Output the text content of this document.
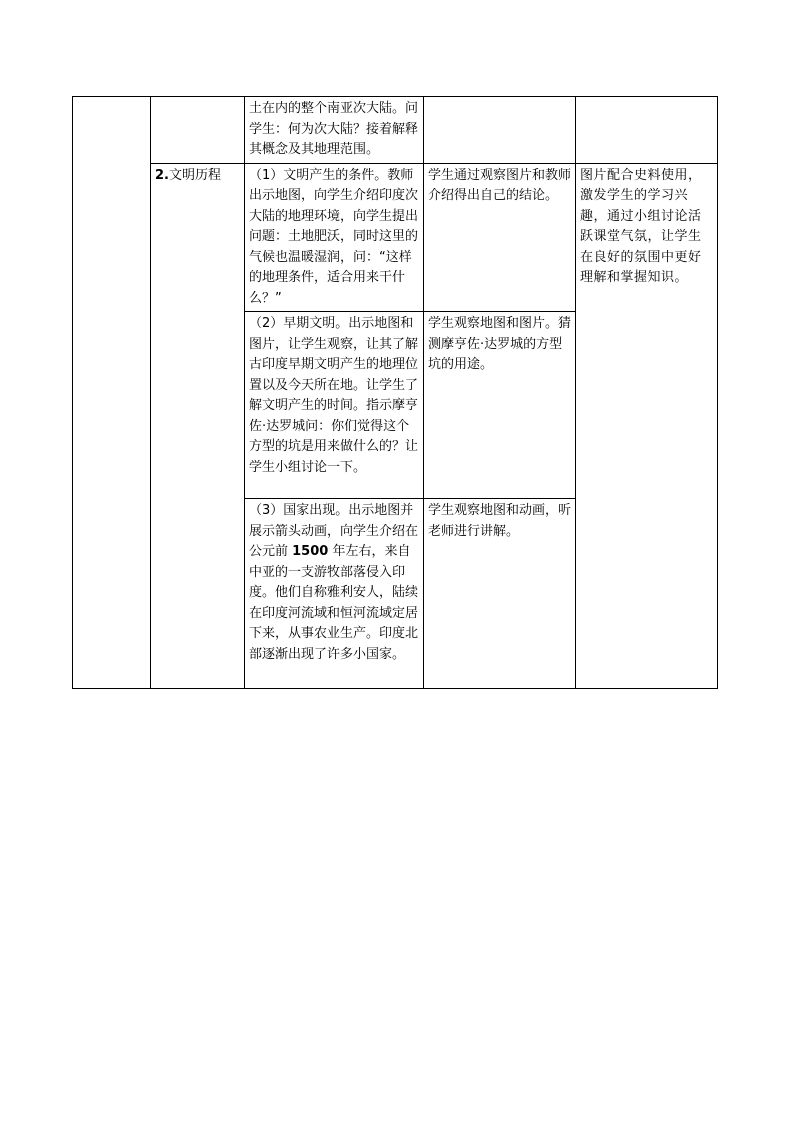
		土在内的整个南亚次大陆。问学生：何为次大陆？接着解释其概念及其地理范围。		
	2.文明历程	（1）文明产生的条件。教师出示地图，向学生介绍印度次大陆的地理环境，向学生提出问题：土地肥沃，同时这里的气候也温暖湿润，问：“这样的地理条件，适合用来干什么？”	学生通过观察图片和教师介绍得出自己的结论。	图片配合史料使用，激发学生的学习兴趣，通过小组讨论活跃课堂气氛，让学生在良好的氛围中更好理解和掌握知识。
		（2）早期文明。出示地图和图片，让学生观察，让其了解古印度早期文明产生的地理位置以及今天所在地。让学生了解文明产生的时间。指示摩亨佐·达罗城问：你们觉得这个方型的坑是用来做什么的？让学生小组讨论一下。	学生观察地图和图片。猜测摩亨佐·达罗城的方型坑的用途。	
		（3）国家出现。出示地图并展示箭头动画，向学生介绍在公元前 1500 年左右，来自中亚的一支游牧部落侵入印度。他们自称雅利安人，陆续在印度河流域和恒河流域定居下来，从事农业生产。印度北部逐渐出现了许多小国家。	学生观察地图和动画，听老师进行讲解。	
